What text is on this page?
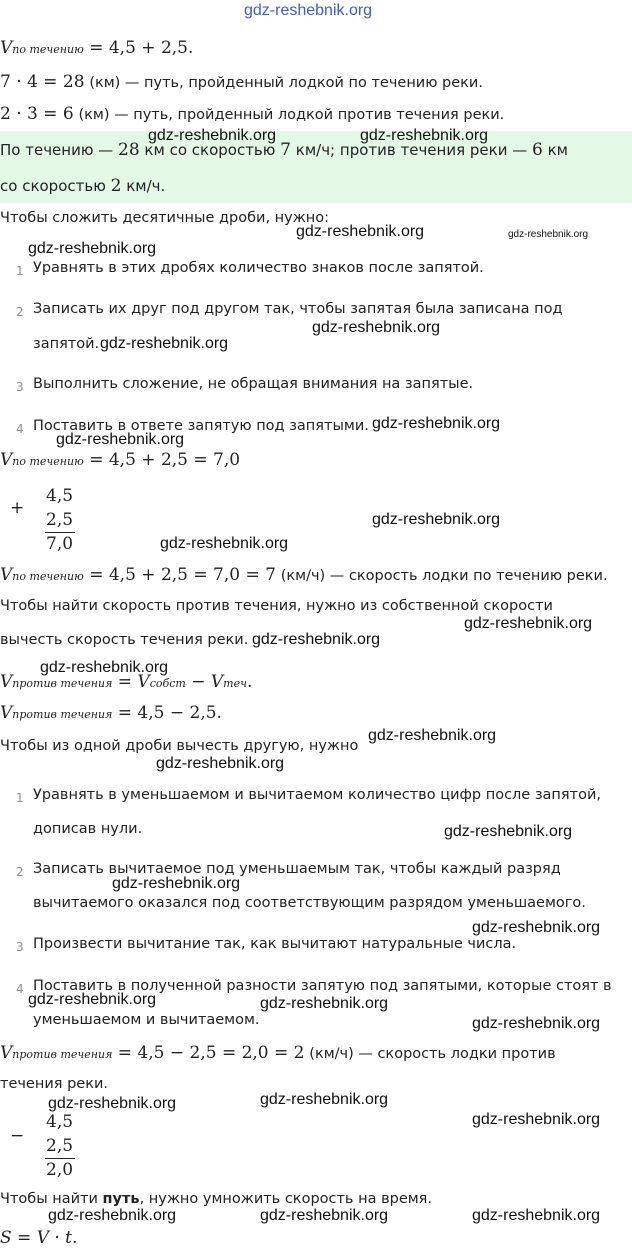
gdz-reshebnik.org
Vпо течению = 4,5 + 2,5.
7 · 4 = 28 (км) — путь, пройденный лодкой по течению реки.
2 · 3 = 6 (км) — путь, пройденный лодкой против течения реки.
По течению — 28 км со скоростью 7 км/ч; против течения реки — 6 км
со скоростью 2 км/ч.
Чтобы сложить десятичные дроби, нужно:
1 Уравнять в этих дробях количество знаков после запятой.
2 Записать их друг под другом так, чтобы запятая была записана под
запятой.
3 Выполнить сложение, не обращая внимания на запятые.
4 Поставить в ответе запятую под запятыми.
Vпо течению = 4,5 + 2,5 = 7,0
+
4,5
2,5
7,0
Vпо течению = 4,5 + 2,5 = 7,0 = 7 (км/ч) — скорость лодки по течению реки.
Чтобы найти скорость против течения, нужно из собственной скорости
вычесть скорость течения реки.
Vпротив течения = Vсобст − Vтеч.
Vпротив течения = 4,5 − 2,5.
Чтобы из одной дроби вычесть другую, нужно
1 Уравнять в уменьшаемом и вычитаемом количество цифр после запятой,
дописав нули.
2 Записать вычитаемое под уменьшаемым так, чтобы каждый разряд
вычитаемого оказался под соответствующим разрядом уменьшаемого.
3 Произвести вычитание так, как вычитают натуральные числа.
4 Поставить в полученной разности запятую под запятыми, которые стоят в
уменьшаемом и вычитаемом.
Vпротив течения = 4,5 − 2,5 = 2,0 = 2 (км/ч) — скорость лодки против
течения реки.
−
4,5
2,5
2,0
Чтобы найти путь, нужно умножить скорость на время.
S = V · t.
gdz-reshebnik.org	gdz-reshebnik.org
gdz-reshebnik.org	gdz-reshebnik.org
gdz-reshebnik.org
gdz-reshebnik.org
gdz-reshebnik.org
gdz-reshebnik.org
gdz-reshebnik.org
gdz-reshebnik.org
gdz-reshebnik.org
gdz-reshebnik.org
gdz-reshebnik.org
gdz-reshebnik.org
gdz-reshebnik.org
gdz-reshebnik.org
gdz-reshebnik.org
gdz-reshebnik.org
gdz-reshebnik.org
gdz-reshebnik.org	gdz-reshebnik.org
gdz-reshebnik.org
gdz-reshebnik.org
gdz-reshebnik.org
gdz-reshebnik.org
gdz-reshebnik.org	gdz-reshebnik.org	gdz-reshebnik.org
